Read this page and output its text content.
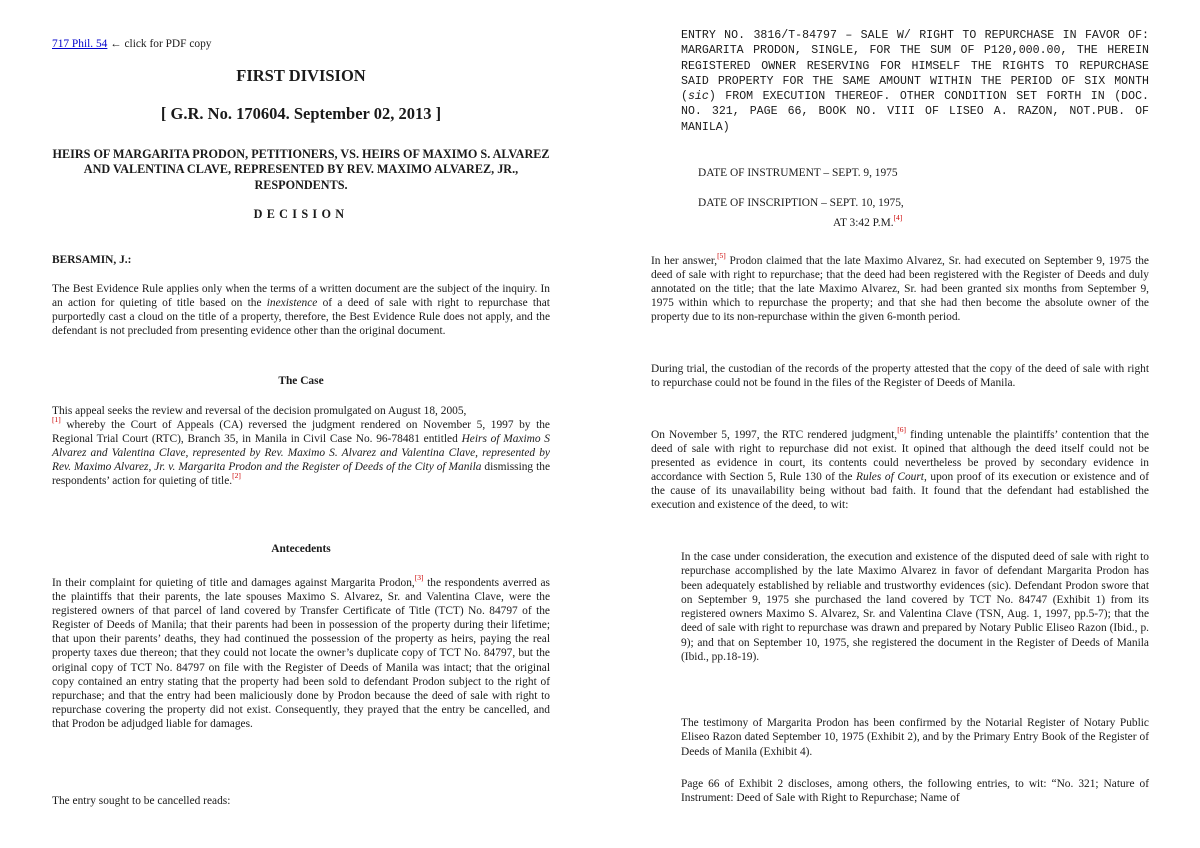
717 Phil. 54 ← click for PDF copy
FIRST DIVISION
[ G.R. No. 170604. September 02, 2013 ]
HEIRS OF MARGARITA PRODON, PETITIONERS, VS. HEIRS OF MAXIMO S. ALVAREZ AND VALENTINA CLAVE, REPRESENTED BY REV. MAXIMO ALVAREZ, JR., RESPONDENTS.
DECISION
BERSAMIN, J.:

The Best Evidence Rule applies only when the terms of a written document are the subject of the inquiry. In an action for quieting of title based on the inexistence of a deed of sale with right to repurchase that purportedly cast a cloud on the title of a property, therefore, the Best Evidence Rule does not apply, and the defendant is not precluded from presenting evidence other than the original document.

The Case

This appeal seeks the review and reversal of the decision promulgated on August 18, 2005,
[1] whereby the Court of Appeals (CA) reversed the judgment rendered on November 5, 1997 by the Regional Trial Court (RTC), Branch 35, in Manila in Civil Case No. 96-78481 entitled Heirs of Maximo S Alvarez and Valentina Clave, represented by Rev. Maximo S. Alvarez and Valentina Clave, represented by Rev. Maximo Alvarez, Jr. v. Margarita Prodon and the Register of Deeds of the City of Manila dismissing the respondents’ action for quieting of title.[2]

Antecedents

In their complaint for quieting of title and damages against Margarita Prodon,[3] the respondents averred as the plaintiffs that their parents, the late spouses Maximo S. Alvarez, Sr. and Valentina Clave, were the registered owners of that parcel of land covered by Transfer Certificate of Title (TCT) No. 84797 of the Register of Deeds of Manila; that their parents had been in possession of the property during their lifetime; that upon their parents’ deaths, they had continued the possession of the property as heirs, paying the real property taxes due thereon; that they could not locate the owner’s duplicate copy of TCT No. 84797, but the original copy of TCT No. 84797 on file with the Register of Deeds of Manila was intact; that the original copy contained an entry stating that the property had been sold to defendant Prodon subject to the right of repurchase; and that the entry had been maliciously done by Prodon because the deed of sale with right to repurchase covering the property did not exist. Consequently, they prayed that the entry be cancelled, and that Prodon be adjudged liable for damages.

The entry sought to be cancelled reads:

ENTRY NO. 3816/T-84797 – SALE W/ RIGHT TO REPURCHASE IN FAVOR OF: MARGARITA PRODON, SINGLE, FOR THE SUM OF P120,000.00, THE HEREIN REGISTERED OWNER RESERVING FOR HIMSELF THE RIGHTS TO REPURCHASE SAID PROPERTY FOR THE SAME AMOUNT WITHIN THE PERIOD OF SIX MONTH (sic) FROM EXECUTION THEREOF. OTHER CONDITION SET FORTH IN (DOC. NO. 321, PAGE 66, BOOK NO. VIII OF LISEO A. RAZON, NOT.PUB. OF MANILA)
DATE OF INSTRUMENT – SEPT. 9, 1975
DATE OF INSCRIPTION – SEPT. 10, 1975,
AT 3:42 P.M.[4]

In her answer,[5] Prodon claimed that the late Maximo Alvarez, Sr. had executed on September 9, 1975 the deed of sale with right to repurchase; that the deed had been registered with the Register of Deeds and duly annotated on the title; that the late Maximo Alvarez, Sr. had been granted six months from September 9, 1975 within which to repurchase the property; and that she had then become the absolute owner of the property due to its non-repurchase within the given 6-month period.

During trial, the custodian of the records of the property attested that the copy of the deed of sale with right to repurchase could not be found in the files of the Register of Deeds of Manila.

On November 5, 1997, the RTC rendered judgment,[6] finding untenable the plaintiffs’ contention that the deed of sale with right to repurchase did not exist. It opined that although the deed itself could not be presented as evidence in court, its contents could nevertheless be proved by secondary evidence in accordance with Section 5, Rule 130 of the Rules of Court, upon proof of its execution or existence and of the cause of its unavailability being without bad faith. It found that the defendant had established the execution and existence of the deed, to wit:

In the case under consideration, the execution and existence of the disputed deed of sale with right to repurchase accomplished by the late Maximo Alvarez in favor of defendant Margarita Prodon has been adequately established by reliable and trustworthy evidences (sic). Defendant Prodon swore that on September 9, 1975 she purchased the land covered by TCT No. 84747 (Exhibit 1) from its registered owners Maximo S. Alvarez, Sr. and Valentina Clave (TSN, Aug. 1, 1997, pp.5-7); that the deed of sale with right to repurchase was drawn and prepared by Notary Public Eliseo Razon (Ibid., p. 9); and that on September 10, 1975, she registered the document in the Register of Deeds of Manila (Ibid., pp.18-19).

The testimony of Margarita Prodon has been confirmed by the Notarial Register of Notary Public Eliseo Razon dated September 10, 1975 (Exhibit 2), and by the Primary Entry Book of the Register of Deeds of Manila (Exhibit 4).

Page 66 of Exhibit 2 discloses, among others, the following entries, to wit: “No. 321; Nature of Instrument: Deed of Sale with Right to Repurchase; Name of
